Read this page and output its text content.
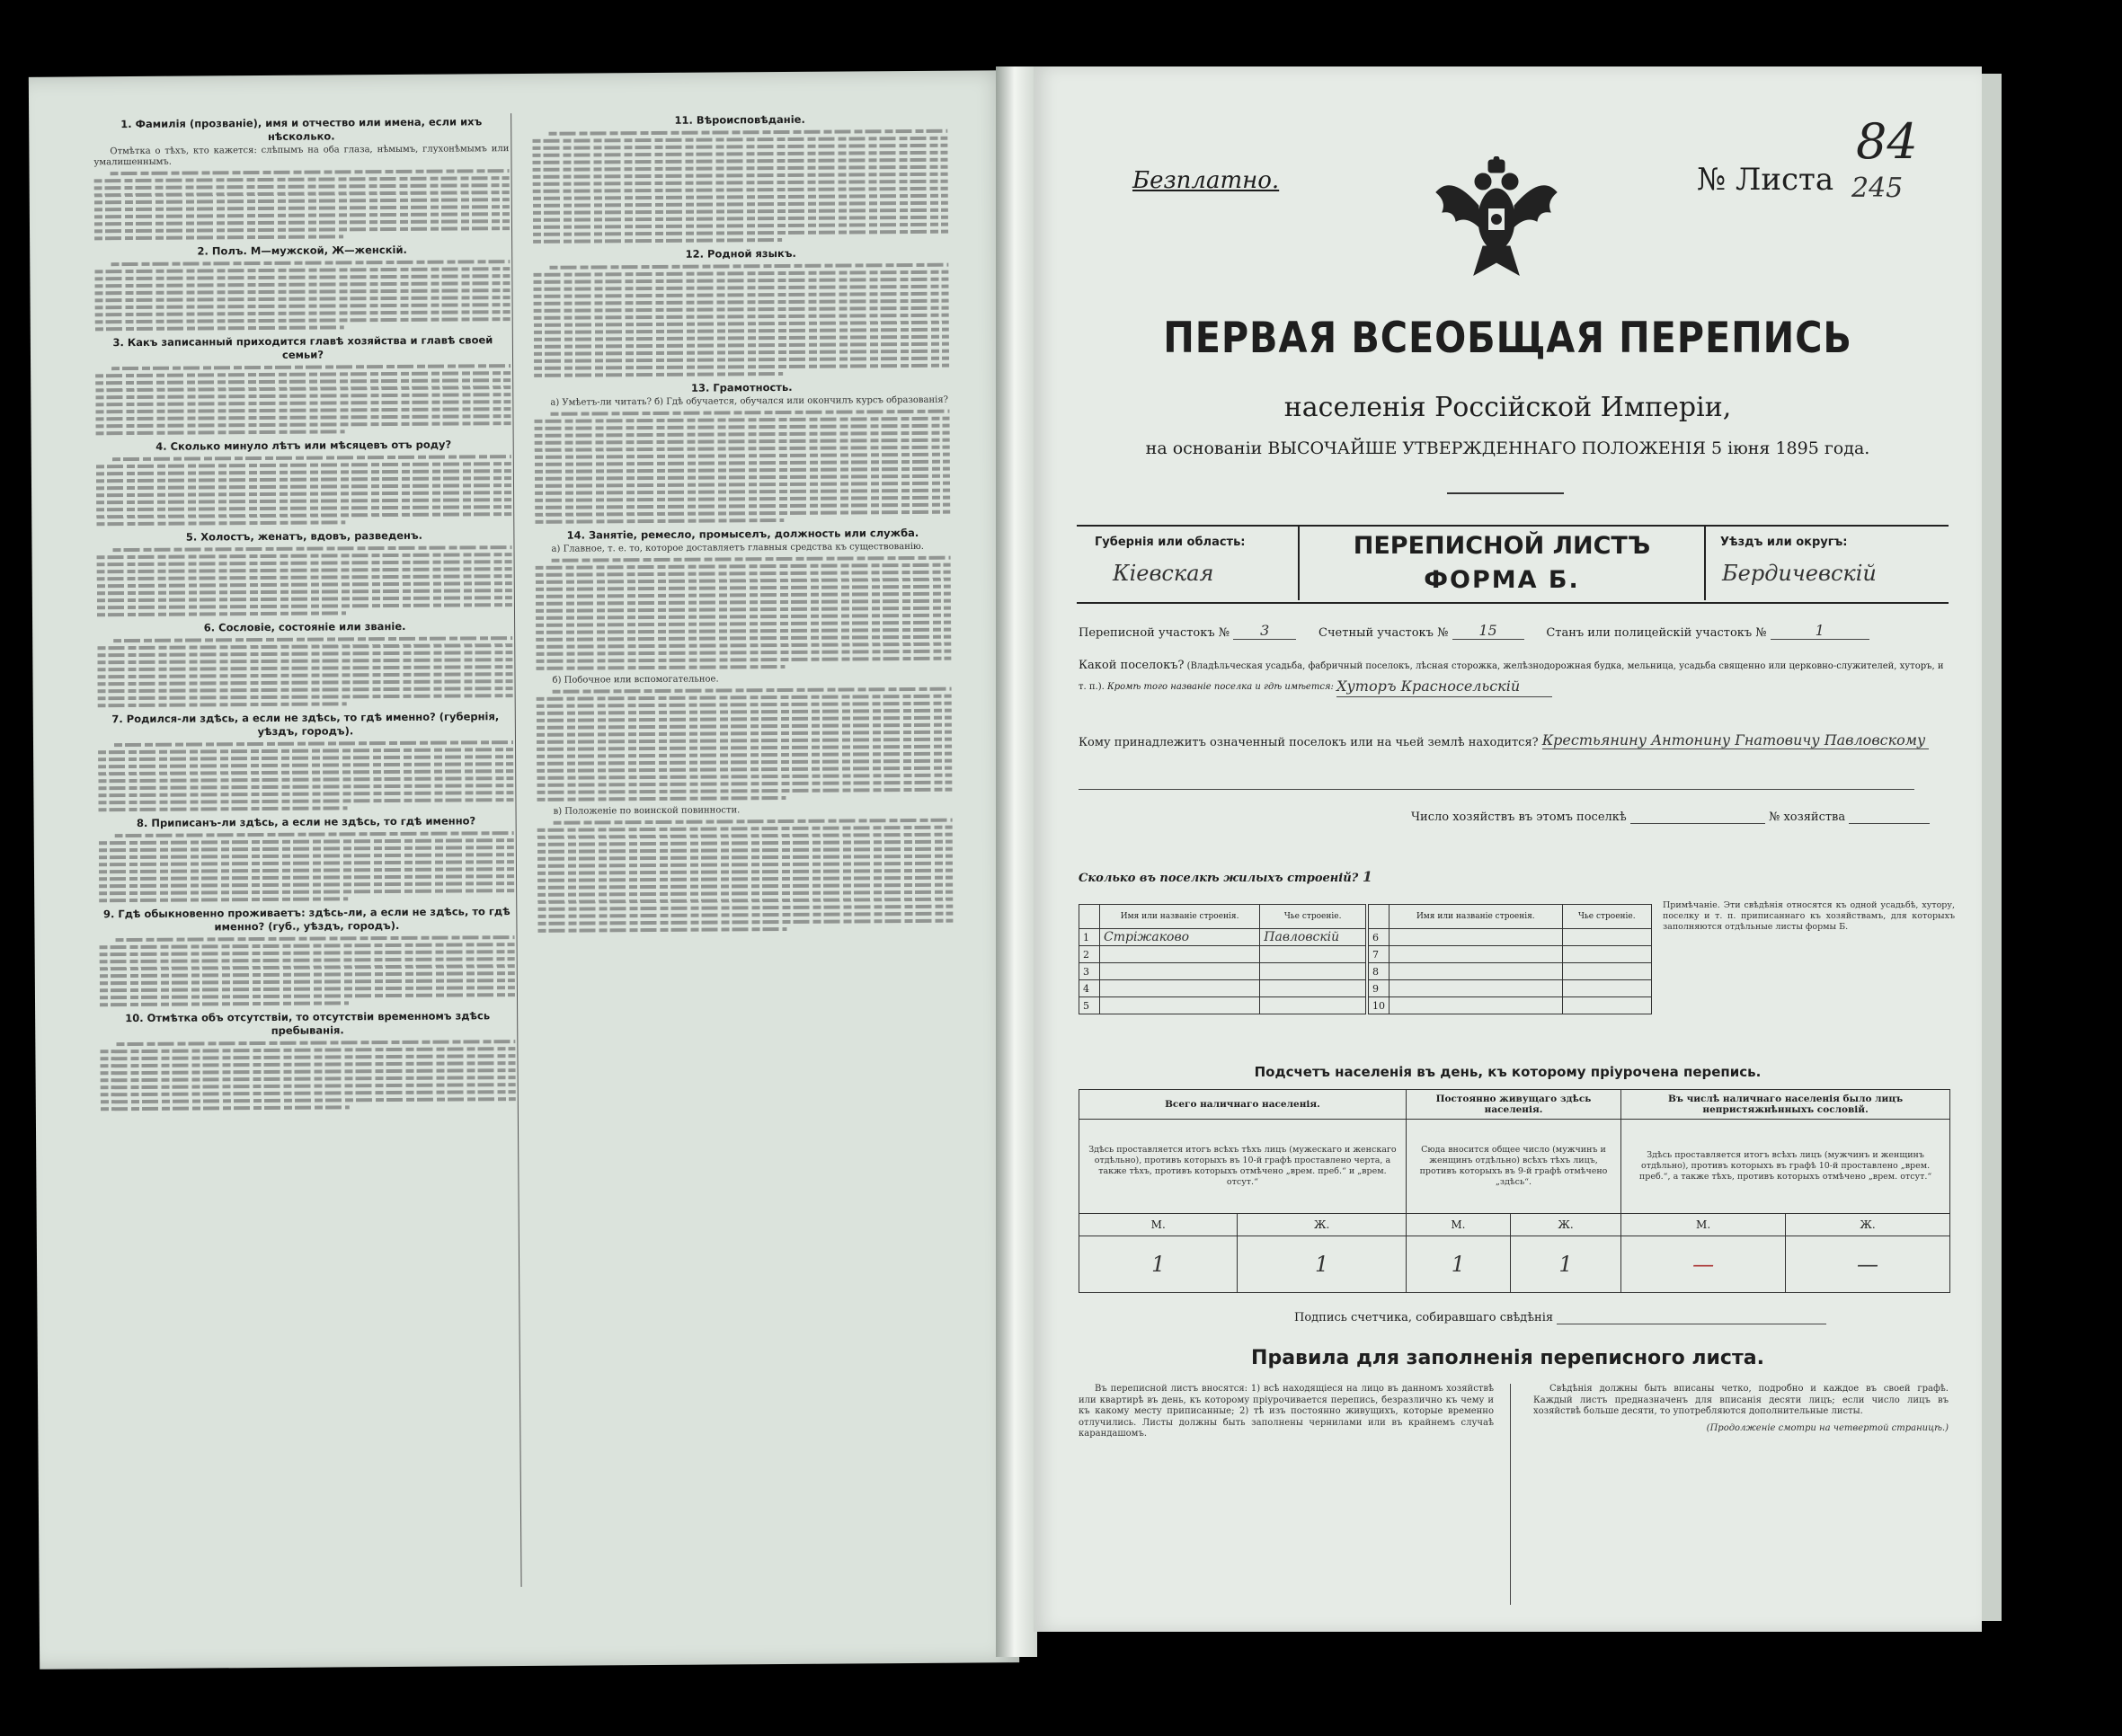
1. Фамилія (прозваніе), имя и отчество или имена, если ихъ нѣсколько.
Отмѣтка о тѣхъ, кто кажется: слѣпымъ на оба глаза, нѣмымъ, глухонѣмымъ или умалишеннымъ.
2. Полъ. М—мужской, Ж—женскій.
3. Какъ записанный приходится главѣ хозяйства и главѣ своей семьи?
4. Сколько минуло лѣтъ или мѣсяцевъ отъ роду?
5. Холостъ, женатъ, вдовъ, разведенъ.
6. Сословіе, состояніе или званіе.
7. Родился-ли здѣсь, а если не здѣсь, то гдѣ именно? (губернія, уѣздъ, городъ).
8. Приписанъ-ли здѣсь, а если не здѣсь, то гдѣ именно?
9. Гдѣ обыкновенно проживаетъ: здѣсь-ли, а если не здѣсь, то гдѣ именно? (губ., уѣздъ, городъ).
10. Отмѣтка объ отсутствіи, то отсутствіи временномъ здѣсь пребыванія.
11. Вѣроисповѣданіе.
12. Родной языкъ.
13. Грамотность.
а) Умѣетъ-ли читать? б) Гдѣ обучается, обучался или окончилъ курсъ образованія?
14. Занятіе, ремесло, промыселъ, должность или служба.
а) Главное, т. е. то, которое доставляетъ главныя средства къ существованію.
б) Побочное или вспомогательное.
в) Положеніе по воинской повинности.
Безплатно.	№ Листа
84
245
ПЕРВАЯ ВСЕОБЩАЯ ПЕРЕПИСЬ
населенія Россійской Имперіи,
на основаніи ВЫСОЧАЙШЕ УТВЕРЖДЕННАГО ПОЛОЖЕНІЯ 5 іюня 1895 года.
Губернія или область:
Кіевская
ПЕРЕПИСНОЙ ЛИСТЪ
ФОРМА Б.
Уѣздъ или округъ:
Бердичевскій
Переписной участокъ № 3	Счетный участокъ № 15	Станъ или полицейскій участокъ №	1
Какой поселокъ? (Владѣльческая усадьба, фабричный поселокъ, лѣсная сторожка, желѣзнодорожная будка, мельница, усадьба священно или церковно-служителей, хуторъ, и т. п.). Кромѣ того названіе поселка и гдѣ имѣется: Хуторъ Красносельскій
Кому принадлежитъ означенный поселокъ или на чьей землѣ находится? Крестьянину Антонину Гнатовичу Павловскому
Число хозяйствъ въ этомъ поселкѣ	№ хозяйства
Сколько въ поселкѣ жилыхъ строеній? 1
	Имя или названіе строенія.	Чье строеніе.
1	Стріжаково	Павловскій
2		
3		
4		
5		
	Имя или названіе строенія.	Чье строеніе.
6		
7		
8		
9		
10		
Примѣчаніе. Эти свѣдѣнія относятся къ одной усадьбѣ, хутору, поселку и т. п. приписаннаго къ хозяйствамъ, для которыхъ заполняются отдѣльные листы формы Б.
Подсчетъ населенія въ день, къ которому пріурочена перепись.
Всего наличнаго населенія.		Постоянно живущаго здѣсь населенія.		Въ числѣ наличнаго населенія было лицъ непристяжнѣнныхъ сословій.	
Здѣсь проставляется итогъ всѣхъ тѣхъ лицъ (мужескаго и женскаго отдѣльно), противъ которыхъ въ 10-й графѣ проставлено черта, а также тѣхъ, противъ которыхъ отмѣчено „врем. преб.“ и „врем. отсут.“		Сюда вносится общее число (мужчинъ и женщинъ отдѣльно) всѣхъ тѣхъ лицъ, противъ которыхъ въ 9-й графѣ отмѣчено „здѣсь“.		Здѣсь проставляется итогъ всѣхъ лицъ (мужчинъ и женщинъ отдѣльно), противъ которыхъ въ графѣ 10-й проставлено „врем. преб.“, а также тѣхъ, противъ которыхъ отмѣчено „врем. отсут.“	
М.	Ж.	М.	Ж.	М.	Ж.
1	1	1	1	—	—
Подпись счетчика, собиравшаго свѣдѣнія
Правила для заполненія переписного листа.
Въ переписной листъ вносятся: 1) всѣ находящіеся на лицо въ данномъ хозяйствѣ или квартирѣ въ день, къ которому пріурочивается перепись, безразлично къ чему и къ какому месту приписанные; 2) тѣ изъ постоянно живущихъ, которые временно отлучились. Листы должны быть заполнены чернилами или въ крайнемъ случаѣ карандашомъ.
Свѣдѣнія должны быть вписаны четко, подробно и каждое въ своей графѣ. Каждый листъ предназначенъ для вписанія десяти лицъ; если число лицъ въ хозяйствѣ больше десяти, то употребляются дополнительные листы.
(Продолженіе смотри на четвертой страницѣ.)
